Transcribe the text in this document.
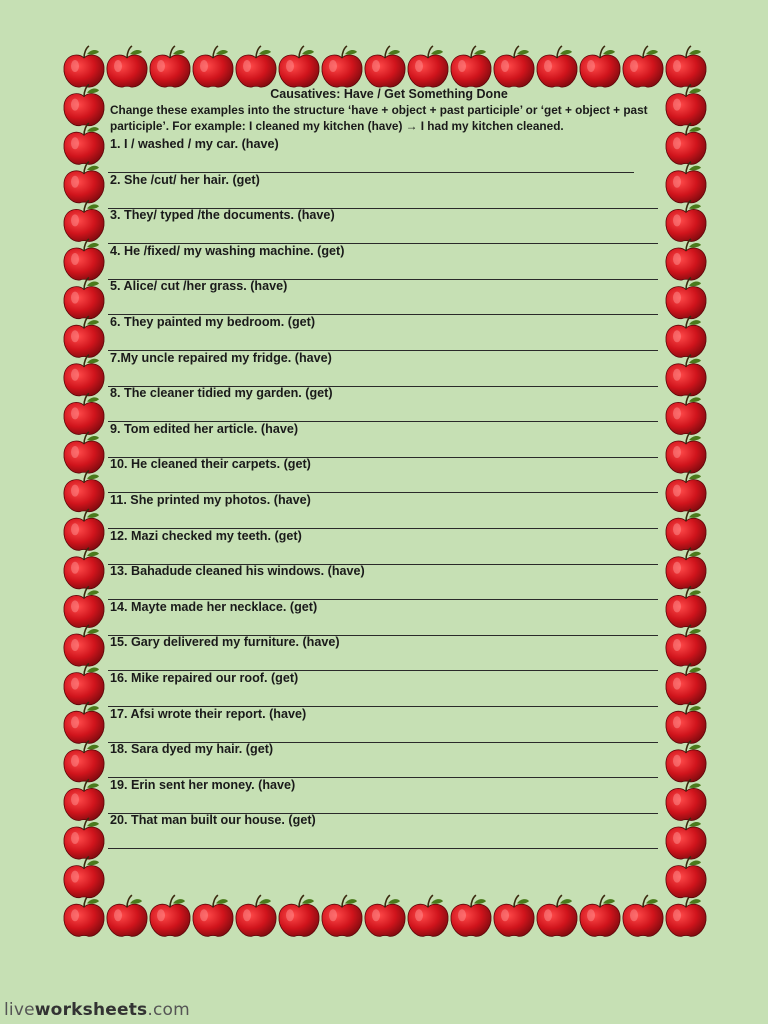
Causatives: Have / Get Something Done

Change these examples into the structure ‘have + object + past participle’ or ‘get + object + past participle’. For example: I cleaned my kitchen (have) → I had my kitchen cleaned.

1. I / washed / my car. (have)
2. She /cut/ her hair. (get)
3. They/ typed /the documents. (have)
4. He /fixed/ my washing machine. (get)
5. Alice/ cut /her grass. (have)
6. They painted my bedroom. (get)
7.My uncle repaired my fridge. (have)
8. The cleaner tidied my garden. (get)
9. Tom edited her article. (have)
10. He cleaned their carpets. (get)
11. She printed my photos. (have)
12. Mazi checked my teeth. (get)
13. Bahadude cleaned his windows. (have)
14. Mayte made her necklace. (get)
15. Gary delivered my furniture. (have)
16. Mike repaired our roof. (get)
17. Afsi wrote their report. (have)
18. Sara dyed my hair. (get)
19. Erin sent her money. (have)
20. That man built our house. (get)
liveworksheets.com
